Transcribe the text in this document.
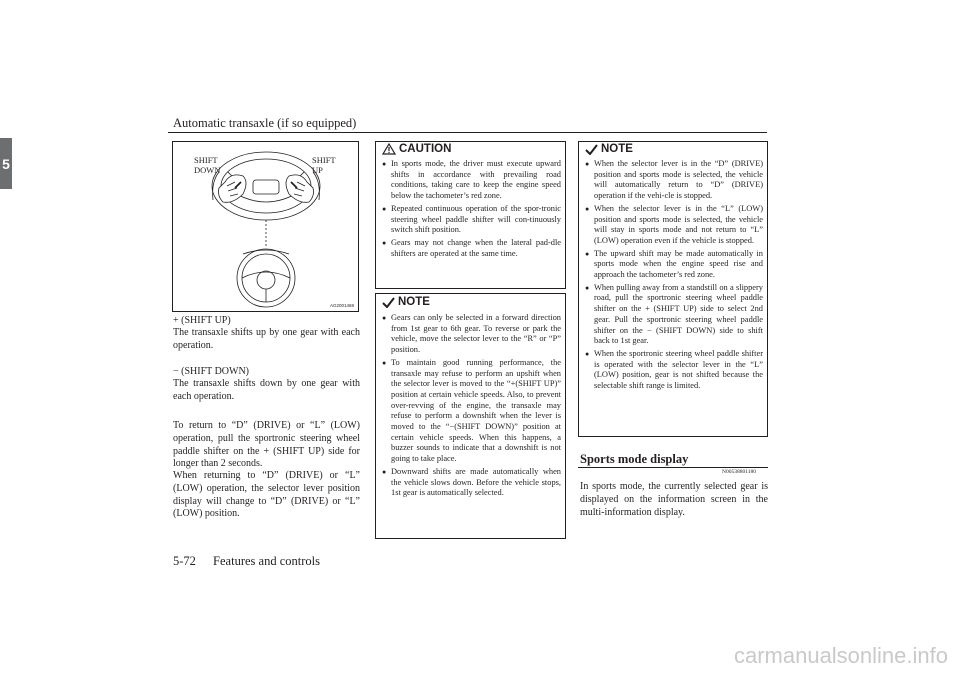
Automatic transaxle (if so equipped)
5	SHIFT
DOWN
SHIFT
UP
AG2001468
+ (SHIFT UP)
The transaxle shifts up by one gear with each operation.
− (SHIFT DOWN)
The transaxle shifts down by one gear with each operation.
To return to “D” (DRIVE) or “L” (LOW) operation, pull the sportronic steering wheel paddle shifter on the + (SHIFT UP) side for longer than 2 seconds.
When returning to “D” (DRIVE) or “L” (LOW) operation, the selector lever position display will change to “D” (DRIVE) or “L” (LOW) position.
CAUTION
● In sports mode, the driver must execute upward shifts in accordance with prevailing road conditions, taking care to keep the engine speed below the tachometer’s red zone.
● Repeated continuous operation of the spor-tronic steering wheel paddle shifter will con-tinuously switch shift position.
● Gears may not change when the lateral pad-dle shifters are operated at the same time.
NOTE
● Gears can only be selected in a forward direction from 1st gear to 6th gear. To reverse or park the vehicle, move the selector lever to the “R” or “P” position.
● To maintain good running performance, the transaxle may refuse to perform an upshift when the selector lever is moved to the “+(SHIFT UP)” position at certain vehicle speeds. Also, to prevent over-revving of the engine, the transaxle may refuse to perform a downshift when the lever is moved to the “−(SHIFT DOWN)” position at certain vehicle speeds. When this happens, a buzzer sounds to indicate that a downshift is not going to take place.
● Downward shifts are made automatically when the vehicle slows down. Before the vehicle stops, 1st gear is automatically selected.
NOTE
● When the selector lever is in the “D” (DRIVE) position and sports mode is selected, the vehicle will automatically return to “D” (DRIVE) operation if the vehi-cle is stopped.
● When the selector lever is in the “L” (LOW) position and sports mode is selected, the vehicle will stay in sports mode and not return to “L” (LOW) operation even if the vehicle is stopped.
● The upward shift may be made automatically in sports mode when the engine speed rise and approach the tachometer’s red zone.
● When pulling away from a standstill on a slippery road, pull the sportronic steering wheel paddle shifter on the + (SHIFT UP) side to select 2nd gear. Pull the sportronic steering wheel paddle shifter on the − (SHIFT DOWN) side to shift back to 1st gear.
● When the sportronic steering wheel paddle shifter is operated with the selector lever in the “L” (LOW) position, gear is not shifted because the selectable shift range is limited.
Sports mode display
N00538801180
In sports mode, the currently selected gear is displayed on the information screen in the multi-information display.
5-72 Features and controls
carmanualsonline.info
